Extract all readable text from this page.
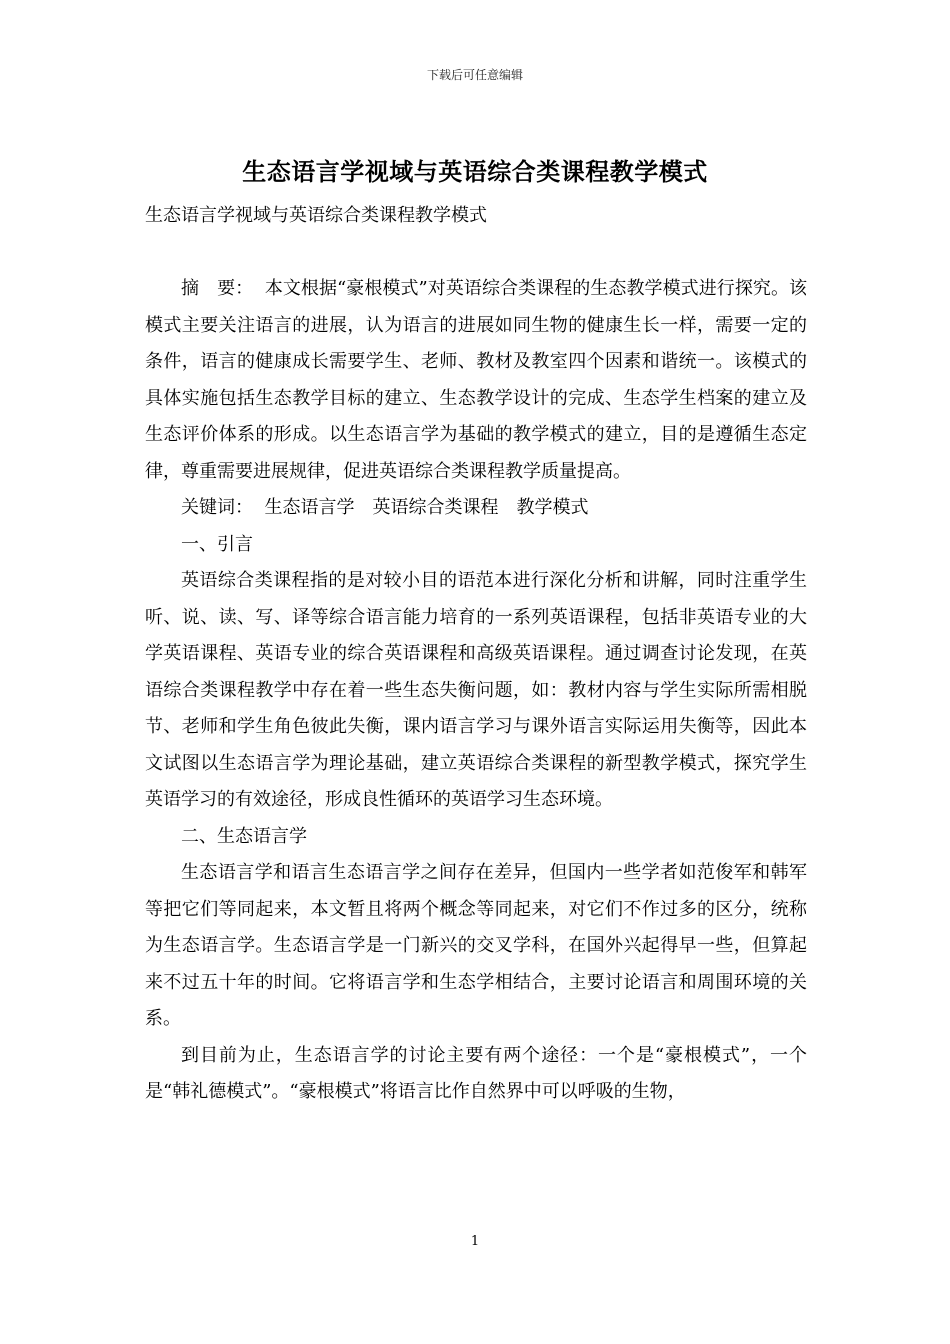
下载后可任意编辑
生态语言学视域与英语综合类课程教学模式
生态语言学视域与英语综合类课程教学模式

摘　要： 本文根据“豪根模式”对英语综合类课程的生态教学模式进行探究。该模式主要关注语言的进展，认为语言的进展如同生物的健康生长一样，需要一定的条件，语言的健康成长需要学生、老师、教材及教室四个因素和谐统一。该模式的具体实施包括生态教学目标的建立、生态教学设计的完成、生态学生档案的建立及生态评价体系的形成。以生态语言学为基础的教学模式的建立，目的是遵循生态定律，尊重需要进展规律，促进英语综合类课程教学质量提高。

关键词： 生态语言学　英语综合类课程　教学模式

一、引言

英语综合类课程指的是对较小目的语范本进行深化分析和讲解，同时注重学生听、说、读、写、译等综合语言能力培育的一系列英语课程，包括非英语专业的大学英语课程、英语专业的综合英语课程和高级英语课程。通过调查讨论发现，在英语综合类课程教学中存在着一些生态失衡问题，如：教材内容与学生实际所需相脱节、老师和学生角色彼此失衡，课内语言学习与课外语言实际运用失衡等，因此本文试图以生态语言学为理论基础，建立英语综合类课程的新型教学模式，探究学生英语学习的有效途径，形成良性循环的英语学习生态环境。

二、生态语言学

生态语言学和语言生态语言学之间存在差异，但国内一些学者如范俊军和韩军等把它们等同起来，本文暂且将两个概念等同起来，对它们不作过多的区分，统称为生态语言学。生态语言学是一门新兴的交叉学科，在国外兴起得早一些，但算起来不过五十年的时间。它将语言学和生态学相结合，主要讨论语言和周围环境的关系。

到目前为止，生态语言学的讨论主要有两个途径：一个是“豪根模式”，一个是“韩礼德模式”。“豪根模式”将语言比作自然界中可以呼吸的生物，

1
